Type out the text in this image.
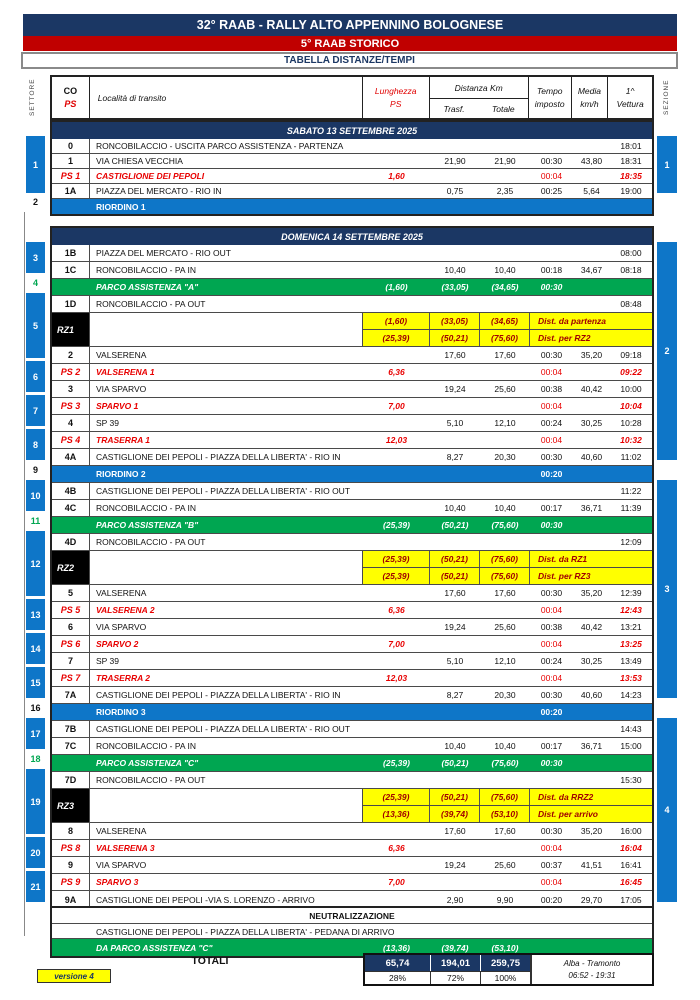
32° RAAB - RALLY ALTO APPENNINO BOLOGNESE
5° RAAB STORICO
TABELLA DISTANZE/TEMPI
SETTORE	SEZIONE
CO
PS
Località di transito
Lunghezza
PS
Distanza Km
Trasf.	Totale
Tempo
imposto
Media
km/h
1^
Vettura
SABATO 13 SETTEMBRE 2025
0	RONCOBILACCIO - USCITA PARCO ASSISTENZA - PARTENZA	18:01
1	VIA CHIESA VECCHIA	21,90	21,90	00:30	43,80	18:31
PS 1	CASTIGLIONE DEI PEPOLI	1,60	00:04	18:35
1A	PIAZZA DEL MERCATO - RIO IN	0,75	2,35	00:25	5,64	19:00
RIORDINO 1
DOMENICA 14 SETTEMBRE 2025
1B	PIAZZA DEL MERCATO - RIO OUT	08:00
1C	RONCOBILACCIO - PA IN	10,40	10,40	00:18	34,67	08:18
PARCO ASSISTENZA "A"	(1,60)	(33,05)	(34,65)	00:30
1D	RONCOBILACCIO - PA OUT	08:48
RZ1
(1,60)	(33,05)	(34,65)	Dist. da partenza
(25,39)	(50,21)	(75,60)	Dist. per RZ2
2	VALSERENA	17,60	17,60	00:30	35,20	09:18
PS 2	VALSERENA 1	6,36	00:04	09:22
3	VIA SPARVO	19,24	25,60	00:38	40,42	10:00
PS 3	SPARVO 1	7,00	00:04	10:04
4	SP 39	5,10	12,10	00:24	30,25	10:28
PS 4	TRASERRA 1	12,03	00:04	10:32
4A	CASTIGLIONE DEI PEPOLI - PIAZZA DELLA LIBERTA' - RIO IN	8,27	20,30	00:30	40,60	11:02
RIORDINO 2	00:20
4B	CASTIGLIONE DEI PEPOLI - PIAZZA DELLA LIBERTA' - RIO OUT	11:22
4C	RONCOBILACCIO - PA IN	10,40	10,40	00:17	36,71	11:39
PARCO ASSISTENZA "B"	(25,39)	(50,21)	(75,60)	00:30
4D	RONCOBILACCIO - PA OUT	12:09
RZ2
(25,39)	(50,21)	(75,60)	Dist. da RZ1
(25,39)	(50,21)	(75,60)	Dist. per RZ3
5	VALSERENA	17,60	17,60	00:30	35,20	12:39
PS 5	VALSERENA 2	6,36	00:04	12:43
6	VIA SPARVO	19,24	25,60	00:38	40,42	13:21
PS 6	SPARVO 2	7,00	00:04	13:25
7	SP 39	5,10	12,10	00:24	30,25	13:49
PS 7	TRASERRA 2	12,03	00:04	13:53
7A	CASTIGLIONE DEI PEPOLI - PIAZZA DELLA LIBERTA' - RIO IN	8,27	20,30	00:30	40,60	14:23
RIORDINO 3	00:20
7B	CASTIGLIONE DEI PEPOLI - PIAZZA DELLA LIBERTA' - RIO OUT	14:43
7C	RONCOBILACCIO - PA IN	10,40	10,40	00:17	36,71	15:00
PARCO ASSISTENZA "C"	(25,39)	(50,21)	(75,60)	00:30
7D	RONCOBILACCIO - PA OUT	15:30
RZ3
(25,39)	(50,21)	(75,60)	Dist. da RRZ2
(13,36)	(39,74)	(53,10)	Dist. per arrivo
8	VALSERENA	17,60	17,60	00:30	35,20	16:00
PS 8	VALSERENA 3	6,36	00:04	16:04
9	VIA SPARVO	19,24	25,60	00:37	41,51	16:41
PS 9	SPARVO 3	7,00	00:04	16:45
9A	CASTIGLIONE DEI PEPOLI -VIA S. LORENZO - ARRIVO	2,90	9,90	00:20	29,70	17:05
NEUTRALIZZAZIONE
CASTIGLIONE DEI PEPOLI - PIAZZA DELLA LIBERTA' - PEDANA DI ARRIVO
DA PARCO ASSISTENZA "C"	(13,36)	(39,74)	(53,10)
TOTALI	65,74	194,01	259,75
28%	72%	100%
Alba - Tramonto
06:52 - 19:31
versione 4
1
2
3
4
5
6
7
8
9
10
11
12
13
14
15
16
17
18
19
20
21
1
2
3
4
